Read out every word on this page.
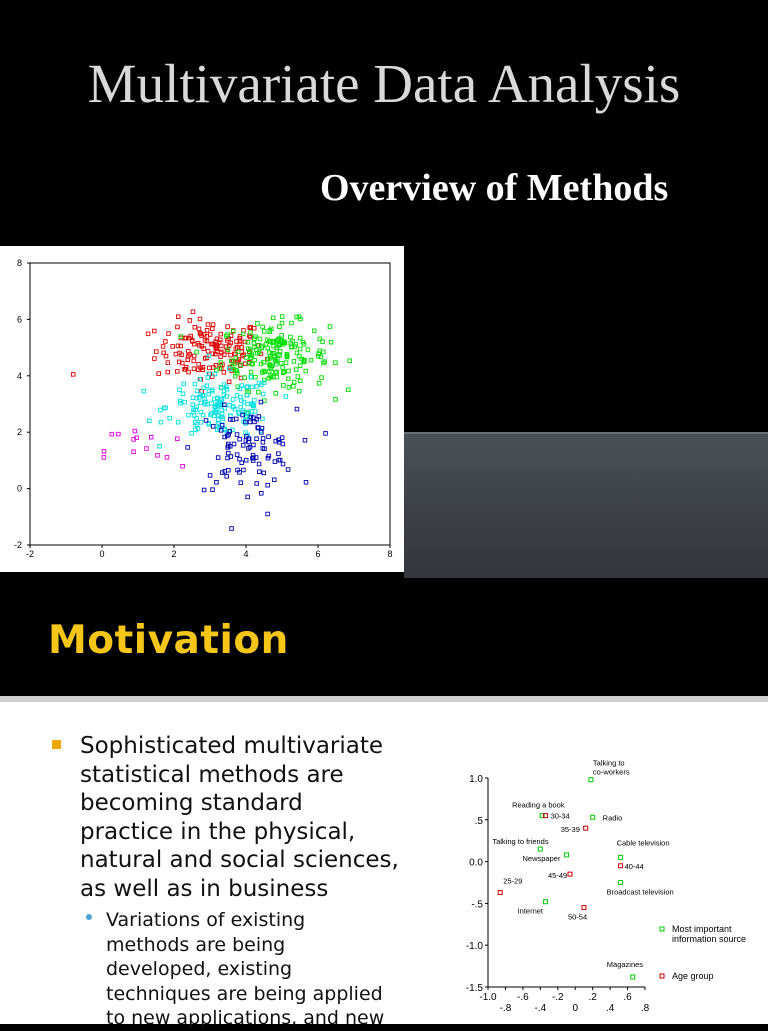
Multivariate Data Analysis
Overview of Methods
-2	0	2	4	6	8
8
6
4
2
0
-2
Motivation
Sophisticated multivariate
statistical methods are
becoming standard
practice in the physical,
natural and social sciences,
as well as in business
Variations of existing
methods are being
developed, existing
techniques are being applied
to new applications, and new
1.0
.5
0.0
-.5
-1.0
-1.5
-1.0
-.8
-.6
-.4
-.2
0
.2
.4
.6
.8
Talking to co-workers
Reading a book
Radio
Talking to friends
Newspaper
Cable television
Broadcast television
Internet
Magazines
30-34
35-39
40-44
45-49
25-29
50-54
Most important information source
Age group
